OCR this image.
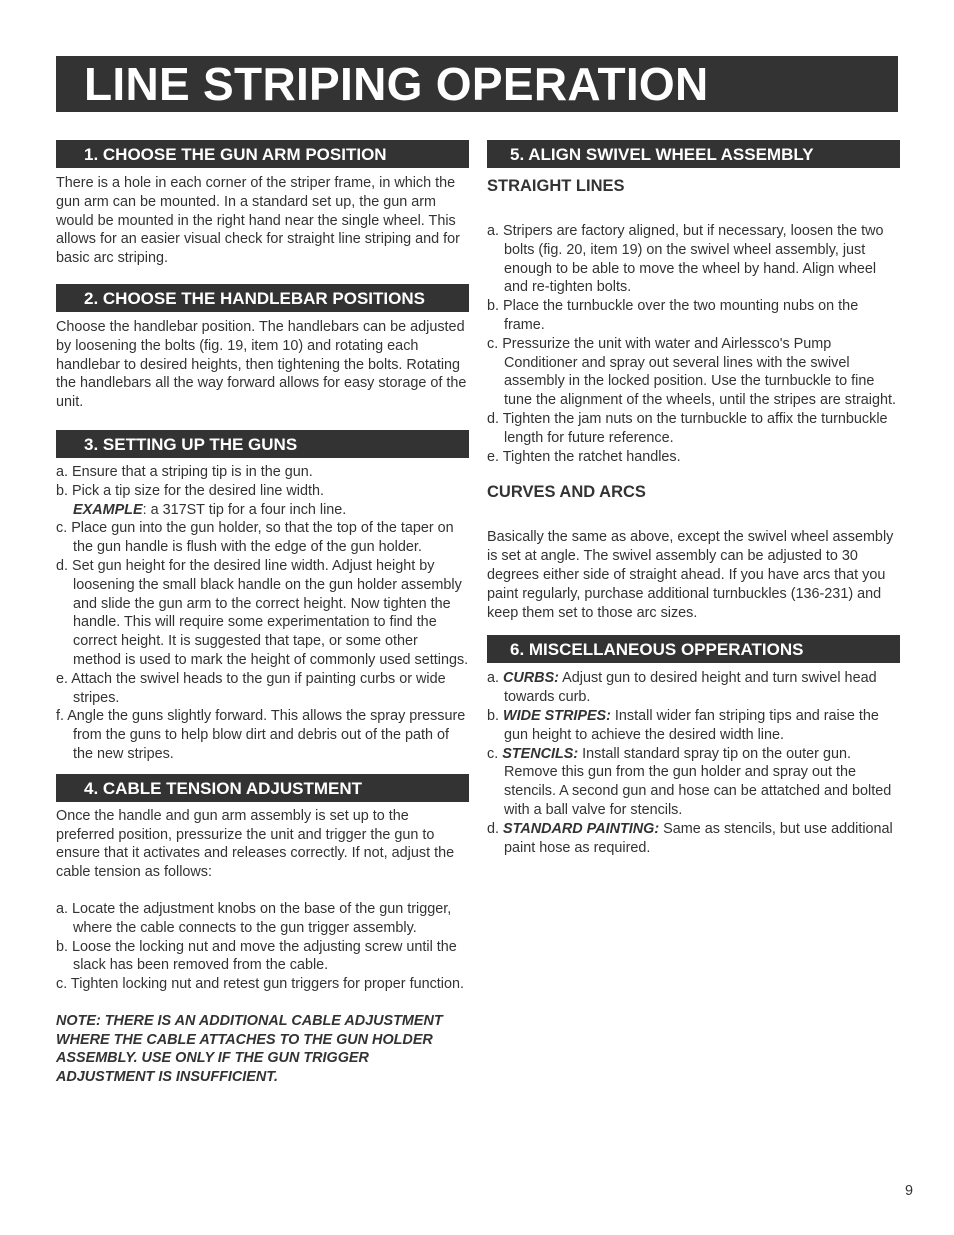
LINE STRIPING OPERATION
1. CHOOSE THE GUN ARM POSITION

There is a hole in each corner of the striper frame, in which the gun arm can be mounted. In a standard set up, the gun arm would be mounted in the right hand near the single wheel. This allows for an easier visual check for straight line striping and for basic arc striping.

2. CHOOSE THE HANDLEBAR POSITIONS

Choose the handlebar position. The handlebars can be adjusted by loosening the bolts (fig. 19, item 10) and rotating each handlebar to desired heights, then tightening the bolts. Rotating the handlebars all the way forward allows for easy storage of the unit.

3. SETTING UP THE GUNS
a. Ensure that a striping tip is in the gun.
b. Pick a tip size for the desired line width.
EXAMPLE: a 317ST tip for a four inch line.
c. Place gun into the gun holder, so that the top of the taper on the gun handle is flush with the edge of the gun holder.
d. Set gun height for the desired line width. Adjust height by loosening the small black handle on the gun holder assembly and slide the gun arm to the correct height. Now tighten the handle. This will require some experimentation to find the correct height. It is suggested that tape, or some other method is used to mark the height of commonly used settings.
e. Attach the swivel heads to the gun if painting curbs or wide stripes.
f. Angle the guns slightly forward. This allows the spray pressure from the guns to help blow dirt and debris out of the path of the new stripes.
4. CABLE TENSION ADJUSTMENT

Once the handle and gun arm assembly is set up to the preferred position, pressurize the unit and trigger the gun to ensure that it activates and releases correctly. If not, adjust the cable tension as follows:

a. Locate the adjustment knobs on the base of the gun trigger, where the cable connects to the gun trigger assembly.
b. Loose the locking nut and move the adjusting screw until the slack has been removed from the cable.
c. Tighten locking nut and retest gun triggers for proper function.

NOTE: THERE IS AN ADDITIONAL CABLE ADJUSTMENT WHERE THE CABLE ATTACHES TO THE GUN HOLDER ASSEMBLY. USE ONLY IF THE GUN TRIGGER ADJUSTMENT IS INSUFFICIENT.

5. ALIGN SWIVEL WHEEL ASSEMBLY
STRAIGHT LINES
a. Stripers are factory aligned, but if necessary, loosen the two bolts (fig. 20, item 19) on the swivel wheel assembly, just enough to be able to move the wheel by hand. Align wheel and re-tighten bolts.
b. Place the turnbuckle over the two mounting nubs on the frame.
c. Pressurize the unit with water and Airlessco's Pump Conditioner and spray out several lines with the swivel assembly in the locked position. Use the turnbuckle to fine tune the alignment of the wheels, until the stripes are straight.
d. Tighten the jam nuts on the turnbuckle to affix the turnbuckle length for future reference.
e. Tighten the ratchet handles.
CURVES AND ARCS

Basically the same as above, except the swivel wheel assembly is set at angle. The swivel assembly can be adjusted to 30 degrees either side of straight ahead. If you have arcs that you paint regularly, purchase additional turnbuckles (136-231) and keep them set to those arc sizes.

6. MISCELLANEOUS OPPERATIONS
a. CURBS: Adjust gun to desired height and turn swivel head towards curb.
b. WIDE STRIPES: Install wider fan striping tips and raise the gun height to achieve the desired width line.
c. STENCILS: Install standard spray tip on the outer gun. Remove this gun from the gun holder and spray out the stencils. A second gun and hose can be attatched and bolted with a ball valve for stencils.
d. STANDARD PAINTING: Same as stencils, but use additional paint hose as required.
9
